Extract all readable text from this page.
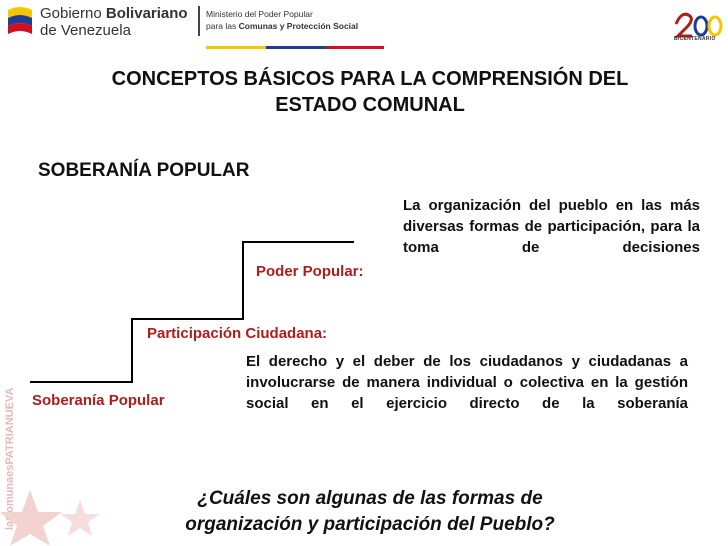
Gobierno Bolivariano
de Venezuela
Ministerio del Poder Popular
para las Comunas y Protección Social
BICENTENARIO
CONCEPTOS BÁSICOS PARA LA COMPRENSIÓN DEL
ESTADO COMUNAL
SOBERANÍA POPULAR
Poder Popular:
Participación Ciudadana:
Soberanía Popular
La organización del pueblo en las más diversas formas de participación, para la toma de decisiones
El derecho y el deber de los ciudadanos y ciudadanas a involucrarse de manera individual o colectiva en la gestión social en el ejercicio directo de la soberanía
laComunaesPATRIANUEVA	¿Cuáles son algunas de las formas de
organización y participación del Pueblo?
